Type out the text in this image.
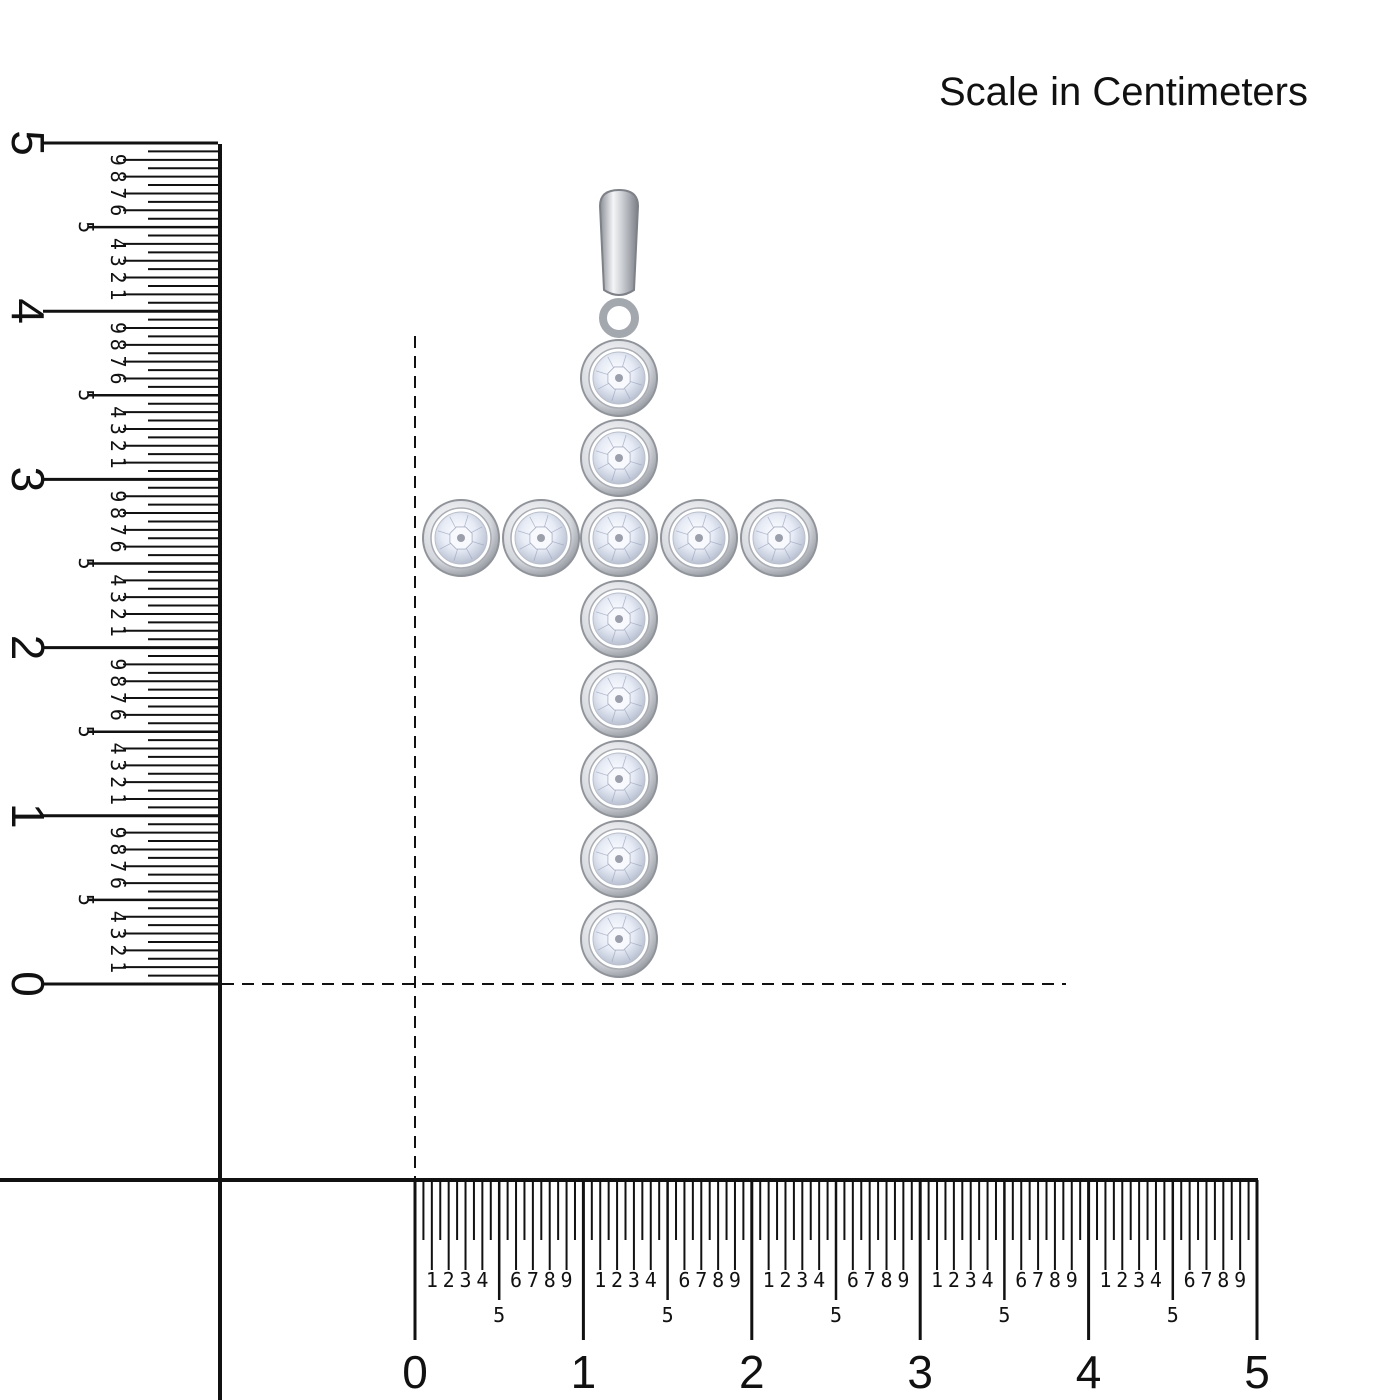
Scale in Centimeters
0
1
2
3
4
5
6
7
8
9
1
1
2
3
4
5
6
7
8
9
2
1
2
3
4
5
6
7
8
9
3
1
2
3
4
5
6
7
8
9
4
1
2
3
4
5
6
7
8
9
5
0
1 2 3 4
5
6 7 8 9
1
1 2 3 4
5
6 7 8 9
2
1 2 3 4
5
6 7 8 9
3
1 2 3 4
5
6 7 8 9
4
1 2 3 4
5
6 7 8 9
5
